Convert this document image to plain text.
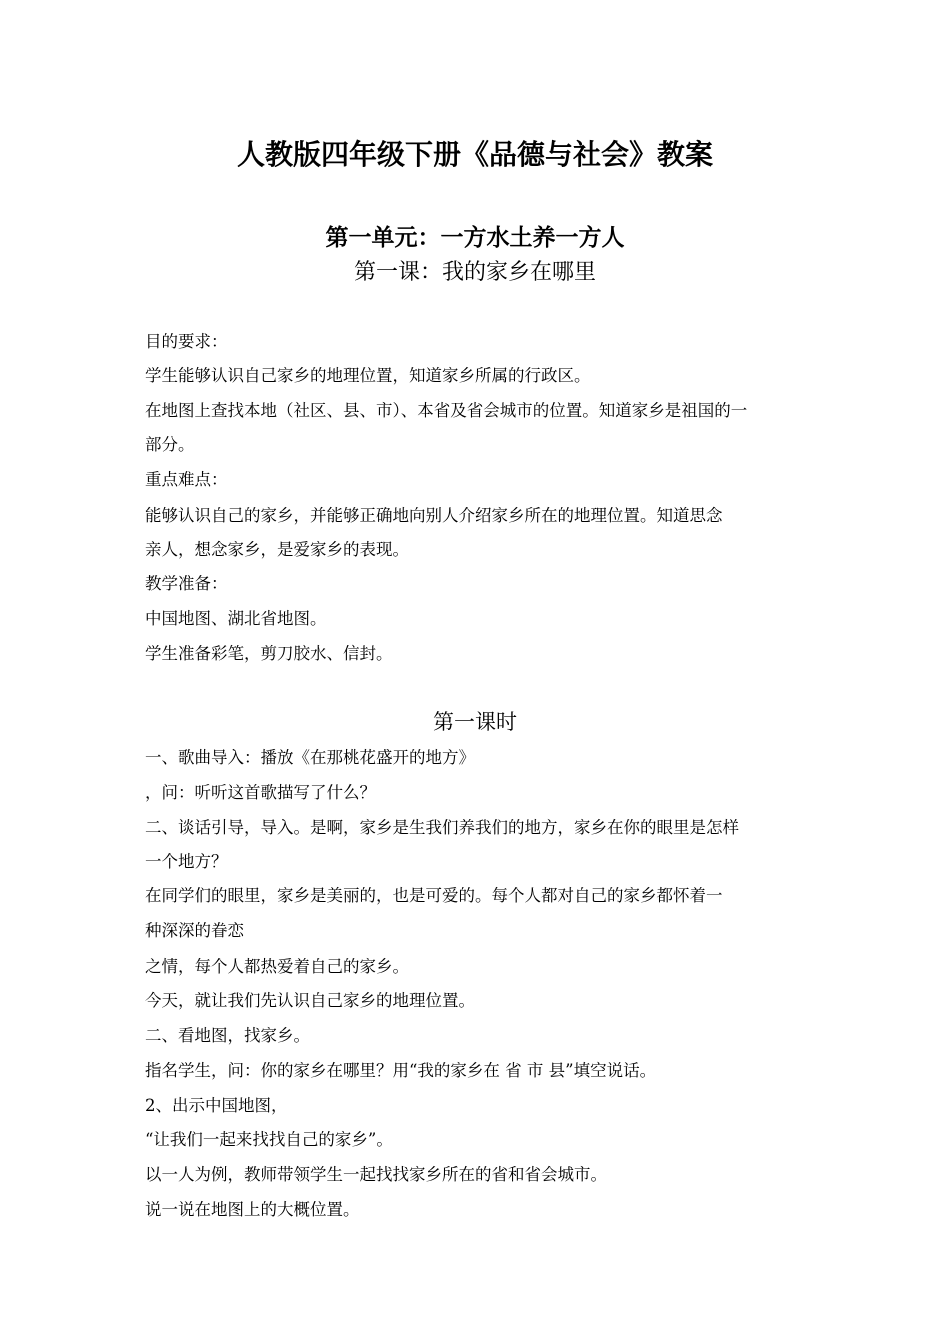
人教版四年级下册《品德与社会》教案
第一单元：一方水土养一方人
第一课：我的家乡在哪里
目的要求：
学生能够认识自己家乡的地理位置，知道家乡所属的行政区。
在地图上查找本地（社区、县、市）、本省及省会城市的位置。知道家乡是祖国的一
部分。
重点难点：
能够认识自己的家乡，并能够正确地向别人介绍家乡所在的地理位置。知道思念
亲人，想念家乡，是爱家乡的表现。
教学准备：
中国地图、湖北省地图。
学生准备彩笔，剪刀胶水、信封。
第一课时
一、歌曲导入：播放《在那桃花盛开的地方》
，问：听听这首歌描写了什么？
二、谈话引导，导入。是啊，家乡是生我们养我们的地方，家乡在你的眼里是怎样
一个地方？
在同学们的眼里，家乡是美丽的，也是可爱的。每个人都对自己的家乡都怀着一
种深深的眷恋
之情，每个人都热爱着自己的家乡。
今天，就让我们先认识自己家乡的地理位置。
二、看地图，找家乡。
指名学生，问：你的家乡在哪里？用“我的家乡在 省 市 县”填空说话。
2、出示中国地图，
“让我们一起来找找自己的家乡”。
以一人为例，教师带领学生一起找找家乡所在的省和省会城市。
说一说在地图上的大概位置。
